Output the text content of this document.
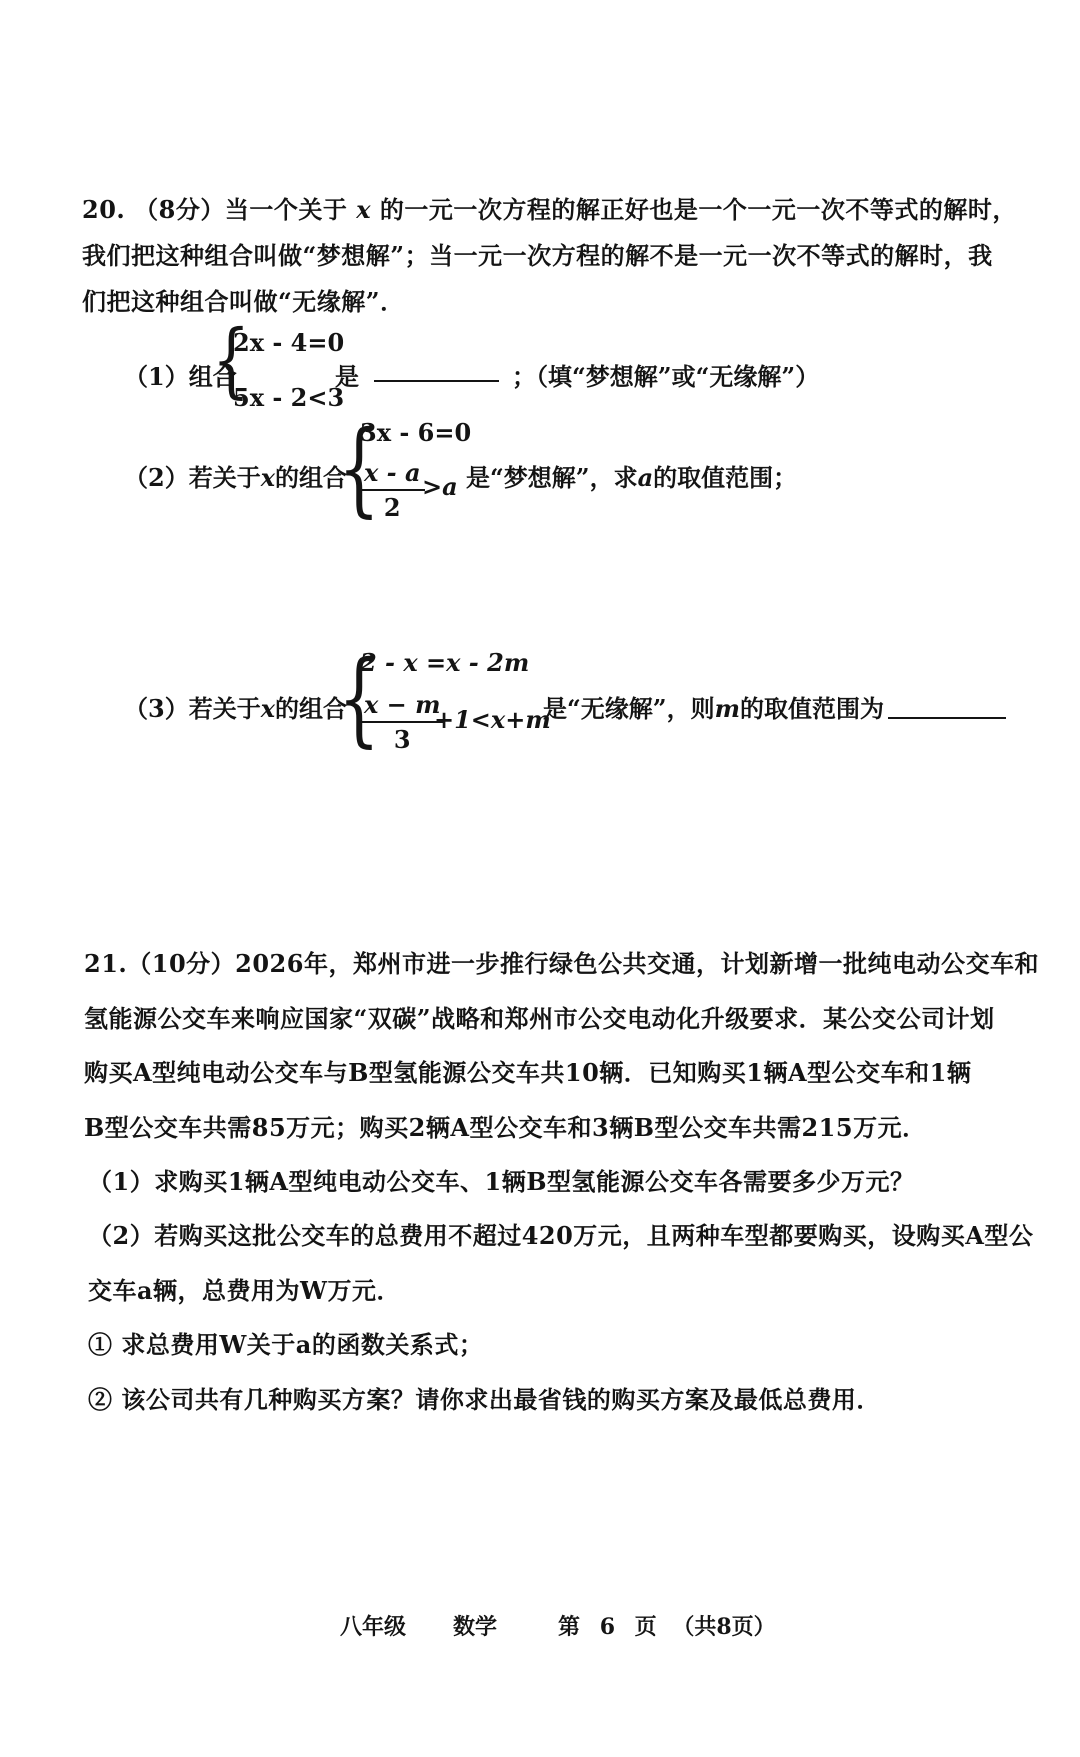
20. （8分）当一个关于 x 的一元一次方程的解正好也是一个一元一次不等式的解时，
我们把这种组合叫做“梦想解”；当一元一次方程的解不是一元一次不等式的解时，我
们把这种组合叫做“无缘解”．
（1）组合
{
2x - 4=0
5x - 2<3
是	；（填“梦想解”或“无缘解”）
（2）若关于x的组合
{
3x - 6=0
$\frac{x - a}{2}$
>a 是“梦想解”，求a的取值范围；
（3）若关于x的组合
{
2 - x =x - 2m
$\frac{x - m}{3}$
+1<x+m
是“无缘解”，则m的取值范围为
21.（10分）2026年，郑州市进一步推行绿色公共交通，计划新增一批纯电动公交车和
氢能源公交车来响应国家“双碳”战略和郑州市公交电动化升级要求．某公交公司计划
购买A型纯电动公交车与B型氢能源公交车共10辆．已知购买1辆A型公交车和1辆
B型公交车共需85万元；购买2辆A型公交车和3辆B型公交车共需215万元．
（1）求购买1辆A型纯电动公交车、1辆B型氢能源公交车各需要多少万元？
（2）若购买这批公交车的总费用不超过420万元，且两种车型都要购买，设购买A型公
交车a辆，总费用为W万元．
① 求总费用W关于a的函数关系式；
② 该公司共有几种购买方案？请你求出最省钱的购买方案及最低总费用．
八年级 数学	第 6 页 （共8页）
